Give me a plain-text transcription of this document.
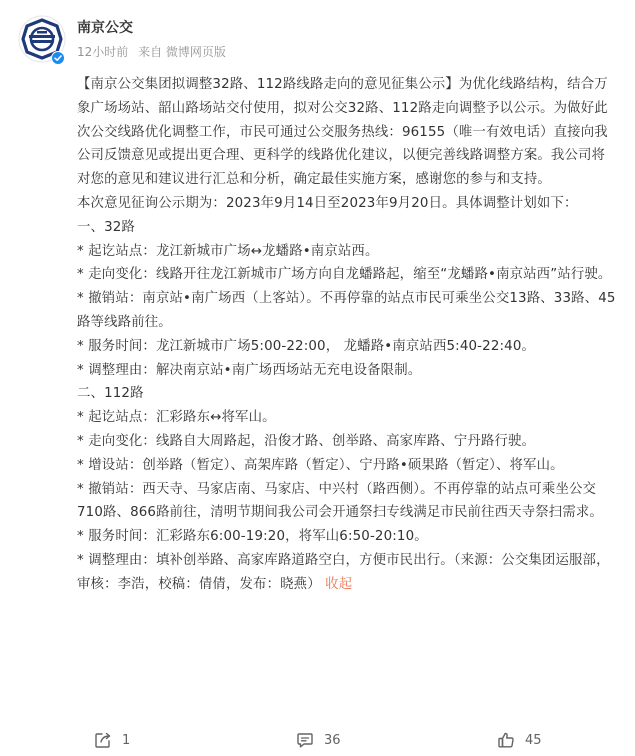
南京公交
12小时前 来自 微博网页版

【南京公交集团拟调整32路、112路线路走向的意见征集公示】为优化线路结构，结合万象广场场站、韶山路场站交付使用，拟对公交32路、112路走向调整予以公示。为做好此次公交线路优化调整工作，市民可通过公交服务热线：96155（唯一有效电话）直接向我公司反馈意见或提出更合理、更科学的线路优化建议，以便完善线路调整方案。我公司将对您的意见和建议进行汇总和分析，确定最佳实施方案，感谢您的参与和支持。

本次意见征询公示期为：2023年9月14日至2023年9月20日。具体调整计划如下：

一、32路

* 起讫站点：龙江新城市广场↔龙蟠路•南京站西。

* 走向变化：线路开往龙江新城市广场方向自龙蟠路起，缩至“龙蟠路•南京站西”站行驶。

* 撤销站：南京站•南广场西（上客站）。不再停靠的站点市民可乘坐公交13路、33路、45路等线路前往。

* 服务时间：龙江新城市广场5:00-22:00， 龙蟠路•南京站西5:40-22:40。

* 调整理由：解决南京站•南广场西场站无充电设备限制。

二、112路

* 起讫站点：汇彩路东↔将军山。

* 走向变化：线路自大周路起，沿俊才路、创举路、高家库路、宁丹路行驶。

* 增设站：创举路（暂定）、高架库路（暂定）、宁丹路•硕果路（暂定）、将军山。

* 撤销站：西天寺、马家店南、马家店、中兴村（路西侧）。不再停靠的站点可乘坐公交710路、866路前往，清明节期间我公司会开通祭扫专线满足市民前往西天寺祭扫需求。

* 服务时间：汇彩路东6:00-19:20，将军山6:50-20:10。

* 调整理由：填补创举路、高家库路道路空白，方便市民出行。（来源：公交集团运服部，审核：李浩，校稿：倩倩，发布：晓燕） 收起

1	36	45
